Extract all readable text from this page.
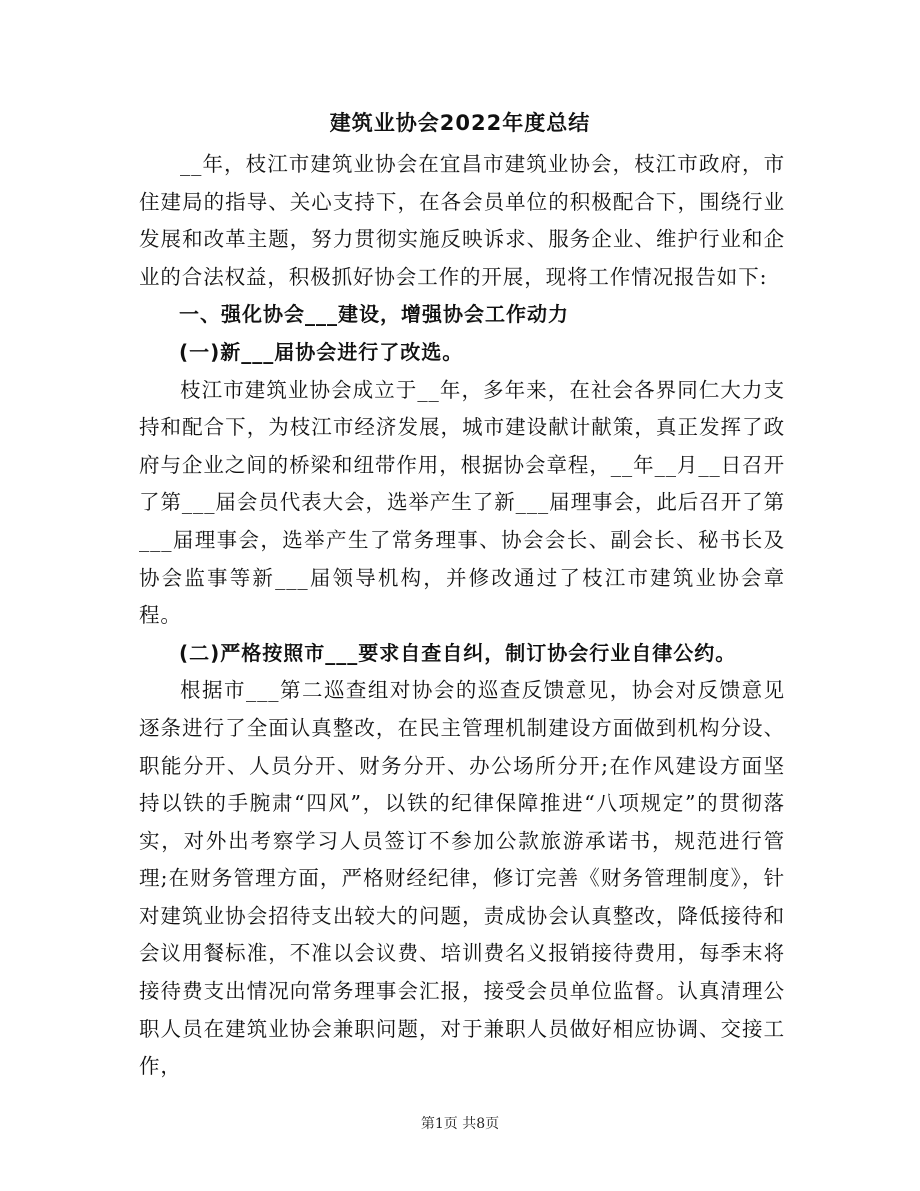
建筑业协会2022年度总结

__年，枝江市建筑业协会在宜昌市建筑业协会，枝江市政府，市住建局的指导、关心支持下，在各会员单位的积极配合下，围绕行业发展和改革主题，努力贯彻实施反映诉求、服务企业、维护行业和企业的合法权益，积极抓好协会工作的开展，现将工作情况报告如下:

一、强化协会___建设，增强协会工作动力

(一)新___届协会进行了改选。

枝江市建筑业协会成立于__年，多年来，在社会各界同仁大力支持和配合下，为枝江市经济发展，城市建设献计献策，真正发挥了政府与企业之间的桥梁和纽带作用，根据协会章程，__年__月__日召开了第___届会员代表大会，选举产生了新___届理事会，此后召开了第___届理事会，选举产生了常务理事、协会会长、副会长、秘书长及协会监事等新___届领导机构，并修改通过了枝江市建筑业协会章程。

(二)严格按照市___要求自查自纠，制订协会行业自律公约。

根据市___第二巡查组对协会的巡查反馈意见，协会对反馈意见逐条进行了全面认真整改，在民主管理机制建设方面做到机构分设、职能分开、人员分开、财务分开、办公场所分开;在作风建设方面坚持以铁的手腕肃“四风”，以铁的纪律保障推进“八项规定”的贯彻落实，对外出考察学习人员签订不参加公款旅游承诺书，规范进行管理;在财务管理方面，严格财经纪律，修订完善《财务管理制度》，针对建筑业协会招待支出较大的问题，责成协会认真整改，降低接待和会议用餐标准，不准以会议费、培训费名义报销接待费用，每季末将接待费支出情况向常务理事会汇报，接受会员单位监督。认真清理公职人员在建筑业协会兼职问题，对于兼职人员做好相应协调、交接工作，

第1页 共8页
